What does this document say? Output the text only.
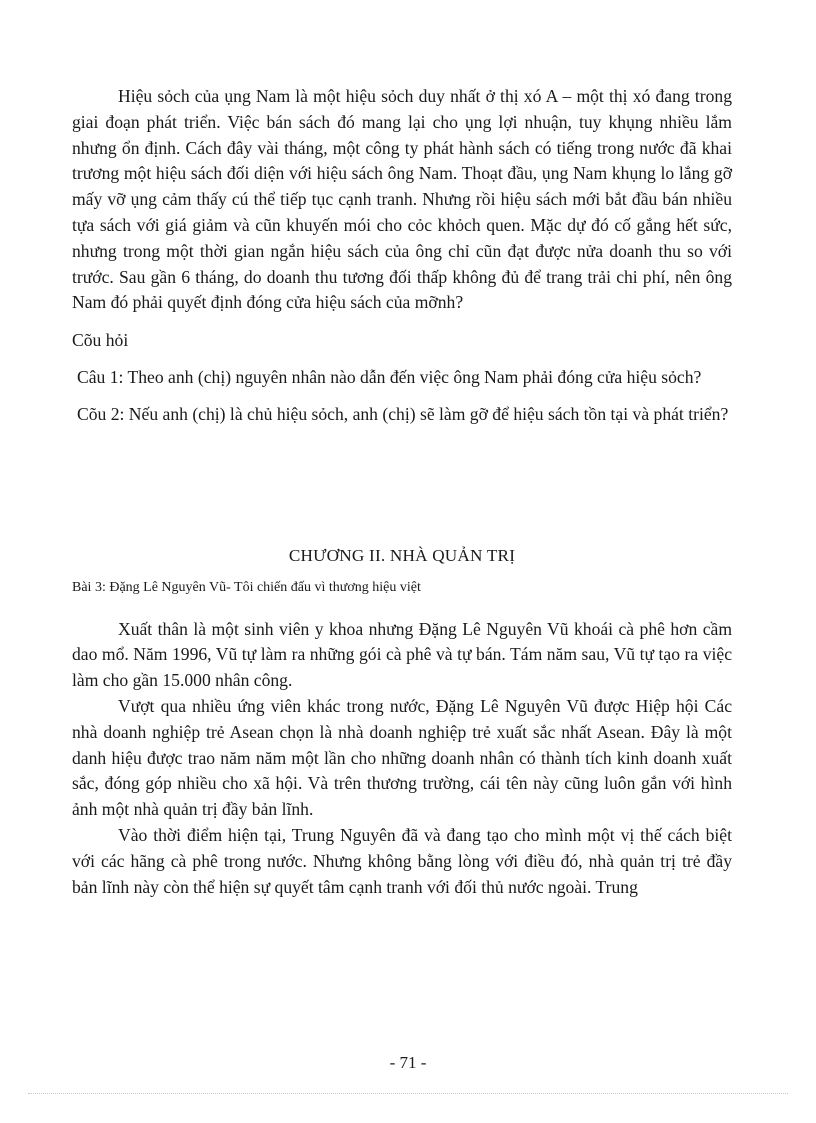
Hiệu sỏch của ụng Nam là một hiệu sỏch duy nhất ở thị xó A – một thị xó đang trong giai đoạn phát triển. Việc bán sách đó mang lại cho ụng lợi nhuận, tuy khụng nhiều lắm nhưng ổn định. Cách đây vài tháng, một công ty phát hành sách có tiếng trong nước đã khai trương một hiệu sách đối diện với hiệu sách ông Nam. Thoạt đầu, ụng Nam khụng lo lắng gỡ mấy vỡ ụng cảm thấy cú thể tiếp tục cạnh tranh. Nhưng rồi hiệu sách mới bắt đầu bán nhiều tựa sách với giá giảm và cũn khuyến mói cho cỏc khỏch quen. Mặc dự đó cố gắng hết sức, nhưng trong một thời gian ngắn hiệu sách của ông chỉ cũn đạt được nửa doanh thu so với trước. Sau gần 6 tháng, do doanh thu tương đối thấp không đủ để trang trải chi phí, nên ông Nam đó phải quyết định đóng cửa hiệu sách của mỡnh?

Cõu hỏi

Câu 1: Theo anh (chị) nguyên nhân nào dẫn đến việc ông Nam phải đóng cửa hiệu sỏch?

Cõu 2: Nếu anh (chị) là chủ hiệu sỏch, anh (chị) sẽ làm gỡ để hiệu sách tồn tại và phát triển?

CHƯƠNG II. NHÀ QUẢN TRỊ

Bài 3: Đặng Lê Nguyên Vũ- Tôi chiến đấu vì thương hiệu việt

Xuất thân là một sinh viên y khoa nhưng Đặng Lê Nguyên Vũ khoái cà phê hơn cầm dao mổ. Năm 1996, Vũ tự làm ra những gói cà phê và tự bán. Tám năm sau, Vũ tự tạo ra việc làm cho gần 15.000 nhân công.

Vượt qua nhiều ứng viên khác trong nước, Đặng Lê Nguyên Vũ được Hiệp hội Các nhà doanh nghiệp trẻ Asean chọn là nhà doanh nghiệp trẻ xuất sắc nhất Asean. Đây là một danh hiệu được trao năm năm một lần cho những doanh nhân có thành tích kinh doanh xuất sắc, đóng góp nhiều cho xã hội. Và trên thương trường, cái tên này cũng luôn gắn với hình ảnh một nhà quản trị đầy bản lĩnh.

Vào thời điểm hiện tại, Trung Nguyên đã và đang tạo cho mình một vị thế cách biệt với các hãng cà phê trong nước. Nhưng không bằng lòng với điều đó, nhà quản trị trẻ đầy bản lĩnh này còn thể hiện sự quyết tâm cạnh tranh với đối thủ nước ngoài. Trung

- 71 -
